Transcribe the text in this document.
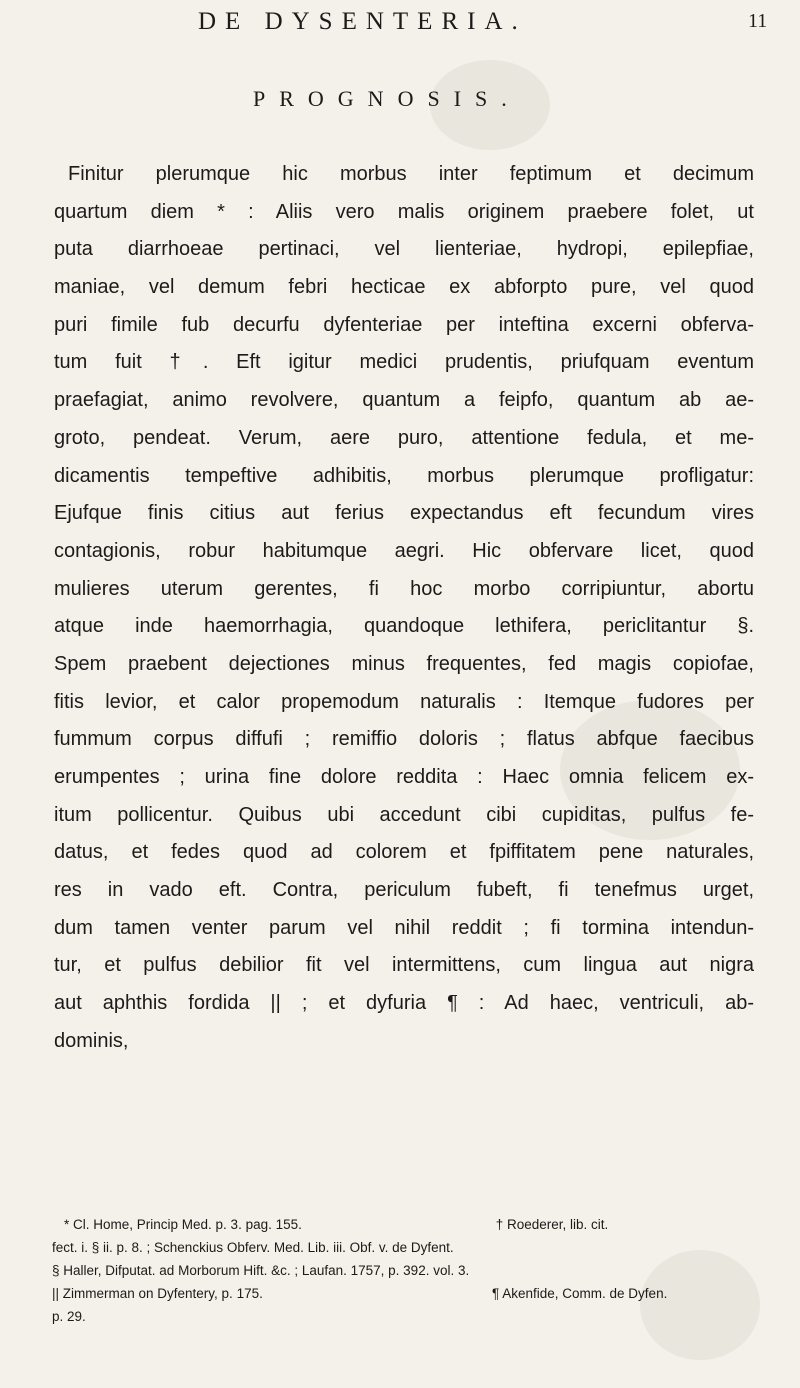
DE DYSENTERIA.	11
PROGNOSIS.
Finitur plerumque hic morbus inter feptimum et decimum
quartum diem * : Aliis vero malis originem praebere folet, ut
puta diarrhoeae pertinaci, vel lienteriae, hydropi, epilepfiae,
maniae, vel demum febri hecticae ex abforpto pure, vel quod
puri fimile fub decurfu dyfenteriae per inteftina excerni obferva-
tum fuit †. Eft igitur medici prudentis, priufquam eventum
praefagiat, animo revolvere, quantum a feipfo, quantum ab ae-
groto, pendeat. Verum, aere puro, attentione fedula, et me-
dicamentis tempeftive adhibitis, morbus plerumque profligatur:
Ejufque finis citius aut ferius expectandus eft fecundum vires
contagionis, robur habitumque aegri. Hic obfervare licet, quod
mulieres uterum gerentes, fi hoc morbo corripiuntur, abortu
atque inde haemorrhagia, quandoque lethifera, periclitantur §.
Spem praebent dejectiones minus frequentes, fed magis copiofae,
fitis levior, et calor propemodum naturalis : Itemque fudores per
fummum corpus diffufi ; remiffio doloris ; flatus abfque faecibus
erumpentes ; urina fine dolore reddita : Haec omnia felicem ex-
itum pollicentur. Quibus ubi accedunt cibi cupiditas, pulfus fe-
datus, et fedes quod ad colorem et fpiffitatem pene naturales,
res in vado eft. Contra, periculum fubeft, fi tenefmus urget,
dum tamen venter parum vel nihil reddit ; fi tormina intendun-
tur, et pulfus debilior fit vel intermittens, cum lingua aut nigra
aut aphthis fordida || ; et dyfuria ¶ : Ad haec, ventriculi, ab-
dominis,
* Cl. Home, Princip Med. p. 3. pag. 155.	† Roederer, lib. cit.
fect. i. § ii. p. 8. ; Schenckius Obferv. Med. Lib. iii. Obf. v. de Dyfent.
§ Haller, Difputat. ad Morborum Hift. &c. ; Laufan. 1757, p. 392. vol. 3.
|| Zimmerman on Dyfentery, p. 175.	¶ Akenfide, Comm. de Dyfen.
p. 29.
